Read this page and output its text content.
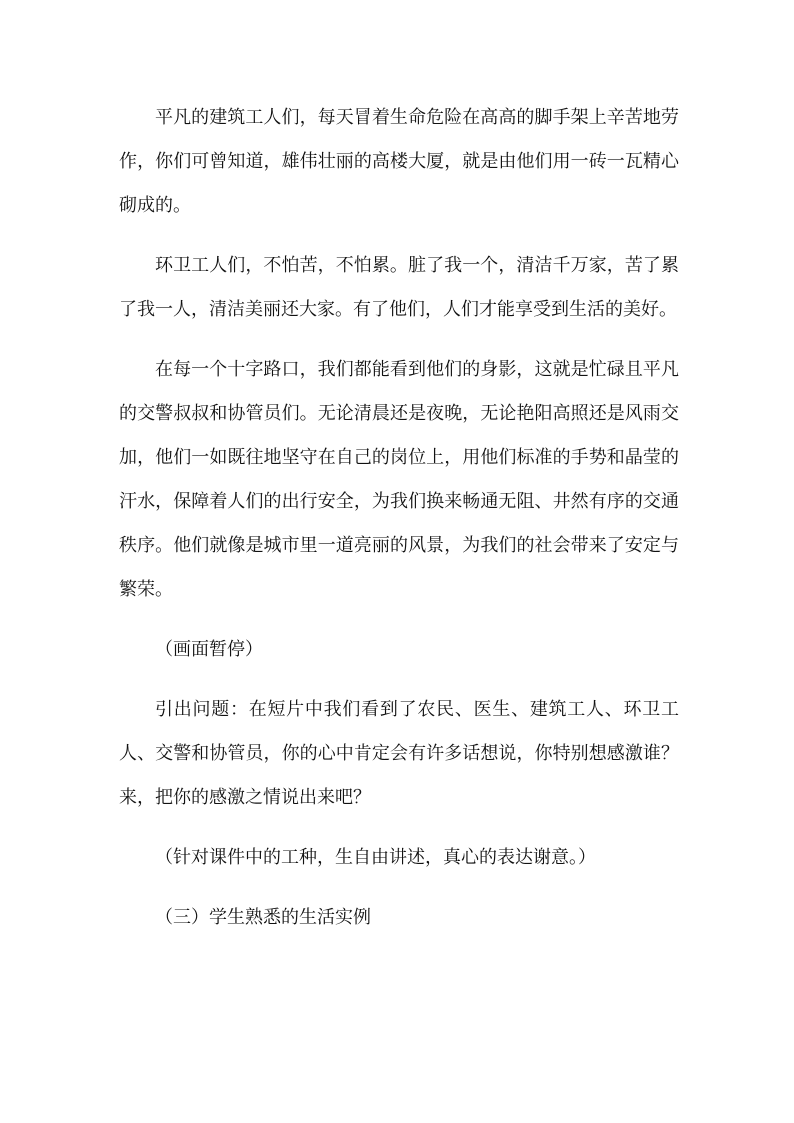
平凡的建筑工人们，每天冒着生命危险在高高的脚手架上辛苦地劳作，你们可曾知道，雄伟壮丽的高楼大厦，就是由他们用一砖一瓦精心砌成的。

环卫工人们，不怕苦，不怕累。脏了我一个，清洁千万家，苦了累了我一人，清洁美丽还大家。有了他们，人们才能享受到生活的美好。

在每一个十字路口，我们都能看到他们的身影，这就是忙碌且平凡的交警叔叔和协管员们。无论清晨还是夜晚，无论艳阳高照还是风雨交加，他们一如既往地坚守在自己的岗位上，用他们标准的手势和晶莹的汗水，保障着人们的出行安全，为我们换来畅通无阻、井然有序的交通秩序。他们就像是城市里一道亮丽的风景，为我们的社会带来了安定与繁荣。

（画面暂停）

引出问题：在短片中我们看到了农民、医生、建筑工人、环卫工人、交警和协管员，你的心中肯定会有许多话想说，你特别想感激谁？来，把你的感激之情说出来吧？

（针对课件中的工种，生自由讲述，真心的表达谢意。）

（三）学生熟悉的生活实例
